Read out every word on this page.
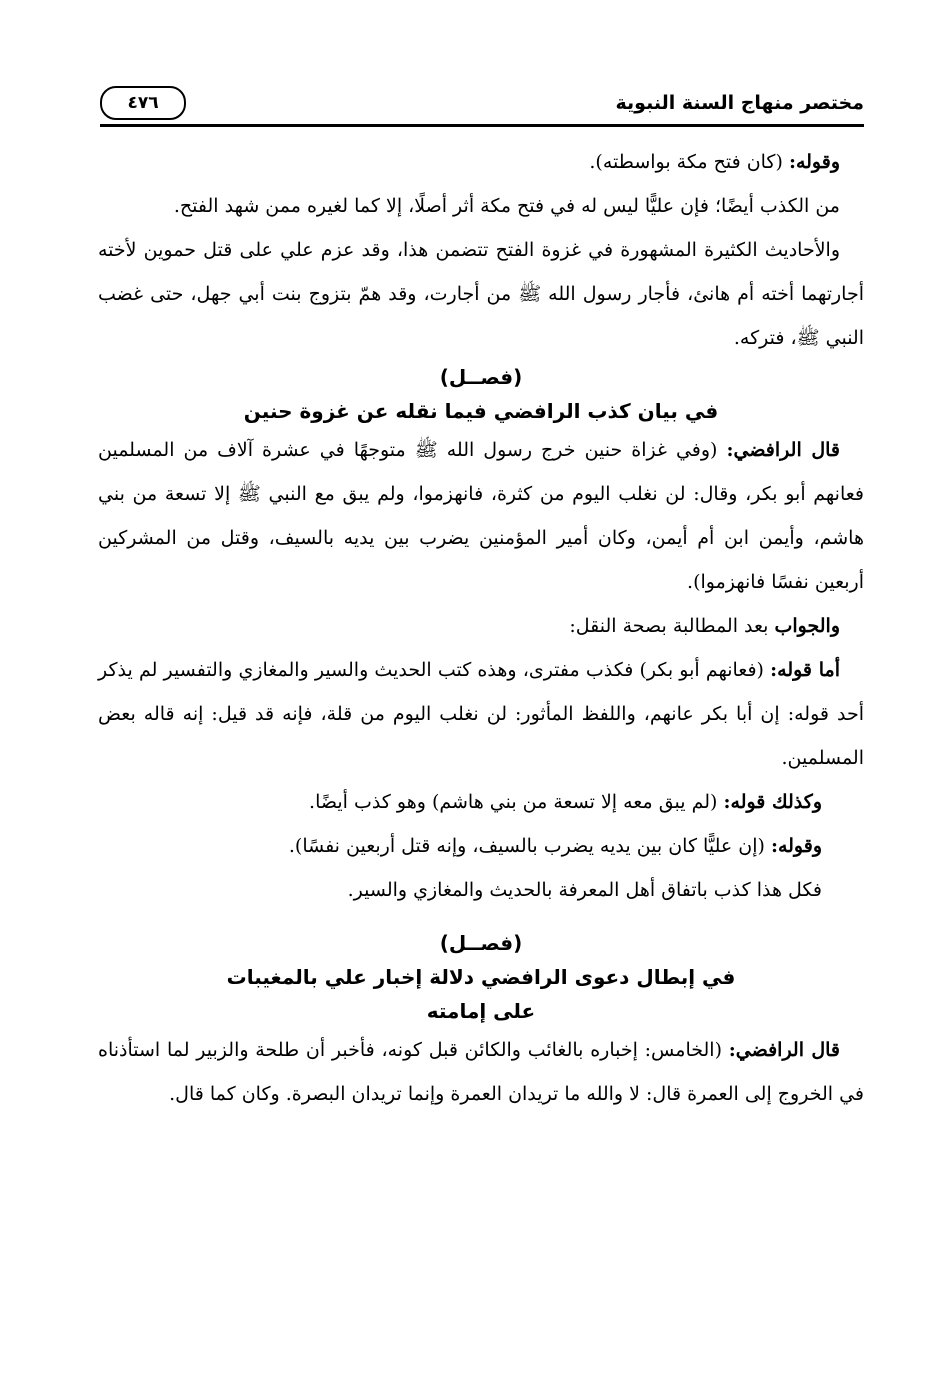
مختصر منهاج السنة النبوية
٤٧٦

وقوله: (كان فتح مكة بواسطته).

من الكذب أيضًا؛ فإن عليًّا ليس له في فتح مكة أثر أصلًا، إلا كما لغيره ممن شهد الفتح.

والأحاديث الكثيرة المشهورة في غزوة الفتح تتضمن هذا، وقد عزم علي على قتل حموين لأخته أجارتهما أخته أم هانئ، فأجار رسول الله ﷺ من أجارت، وقد همّ بتزوج بنت أبي جهل، حتى غضب النبي ﷺ، فتركه.

(فصــل)

في بيان كذب الرافضي فيما نقله عن غزوة حنين

قال الرافضي: (وفي غزاة حنين خرج رسول الله ﷺ متوجهًا في عشرة آلاف من المسلمين فعانهم أبو بكر، وقال: لن نغلب اليوم من كثرة، فانهزموا، ولم يبق مع النبي ﷺ إلا تسعة من بني هاشم، وأيمن ابن أم أيمن، وكان أمير المؤمنين يضرب بين يديه بالسيف، وقتل من المشركين أربعين نفسًا فانهزموا).

والجواب بعد المطالبة بصحة النقل:

أما قوله: (فعانهم أبو بكر) فكذب مفترى، وهذه كتب الحديث والسير والمغازي والتفسير لم يذكر أحد قوله: إن أبا بكر عانهم، واللفظ المأثور: لن نغلب اليوم من قلة، فإنه قد قيل: إنه قاله بعض المسلمين.

وكذلك قوله: (لم يبق معه إلا تسعة من بني هاشم) وهو كذب أيضًا.

وقوله: (إن عليًّا كان بين يديه يضرب بالسيف، وإنه قتل أربعين نفسًا).

فكل هذا كذب باتفاق أهل المعرفة بالحديث والمغازي والسير.

(فصــل)

في إبطال دعوى الرافضي دلالة إخبار علي بالمغيبات

على إمامته

قال الرافضي: (الخامس: إخباره بالغائب والكائن قبل كونه، فأخبر أن طلحة والزبير لما استأذناه في الخروج إلى العمرة قال: لا والله ما تريدان العمرة وإنما تريدان البصرة. وكان كما قال.
